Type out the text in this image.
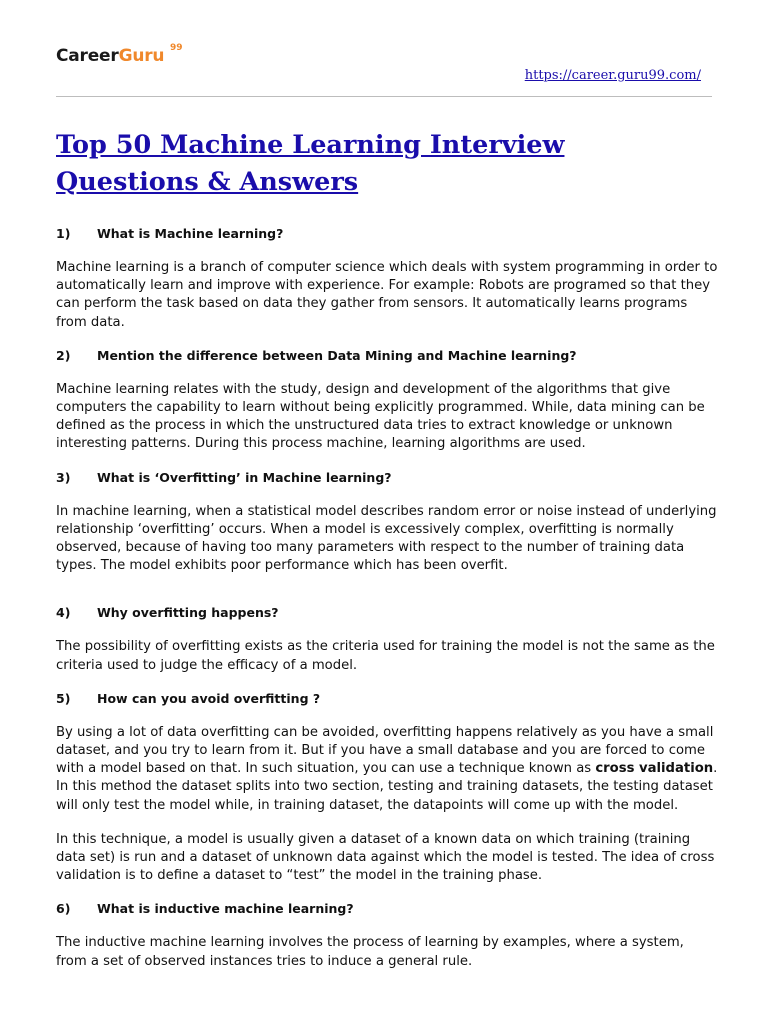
CareerGuru 99
https://career.guru99.com/
Top 50 Machine Learning Interview Questions & Answers
1)	What is Machine learning?

Machine learning is a branch of computer science which deals with system programming in order to automatically learn and improve with experience. For example: Robots are programed so that they can perform the task based on data they gather from sensors. It automatically learns programs from data.

2)	Mention the difference between Data Mining and Machine learning?

Machine learning relates with the study, design and development of the algorithms that give computers the capability to learn without being explicitly programmed. While, data mining can be defined as the process in which the unstructured data tries to extract knowledge or unknown interesting patterns. During this process machine, learning algorithms are used.

3)	What is ‘Overfitting’ in Machine learning?

In machine learning, when a statistical model describes random error or noise instead of underlying relationship ‘overfitting’ occurs. When a model is excessively complex, overfitting is normally observed, because of having too many parameters with respect to the number of training data types. The model exhibits poor performance which has been overfit.

4)	Why overfitting happens?

The possibility of overfitting exists as the criteria used for training the model is not the same as the criteria used to judge the efficacy of a model.

5)	How can you avoid overfitting ?

By using a lot of data overfitting can be avoided, overfitting happens relatively as you have a small dataset, and you try to learn from it. But if you have a small database and you are forced to come with a model based on that. In such situation, you can use a technique known as cross validation. In this method the dataset splits into two section, testing and training datasets, the testing dataset will only test the model while, in training dataset, the datapoints will come up with the model.

In this technique, a model is usually given a dataset of a known data on which training (training data set) is run and a dataset of unknown data against which the model is tested. The idea of cross validation is to define a dataset to “test” the model in the training phase.

6)	What is inductive machine learning?

The inductive machine learning involves the process of learning by examples, where a system, from a set of observed instances tries to induce a general rule.
